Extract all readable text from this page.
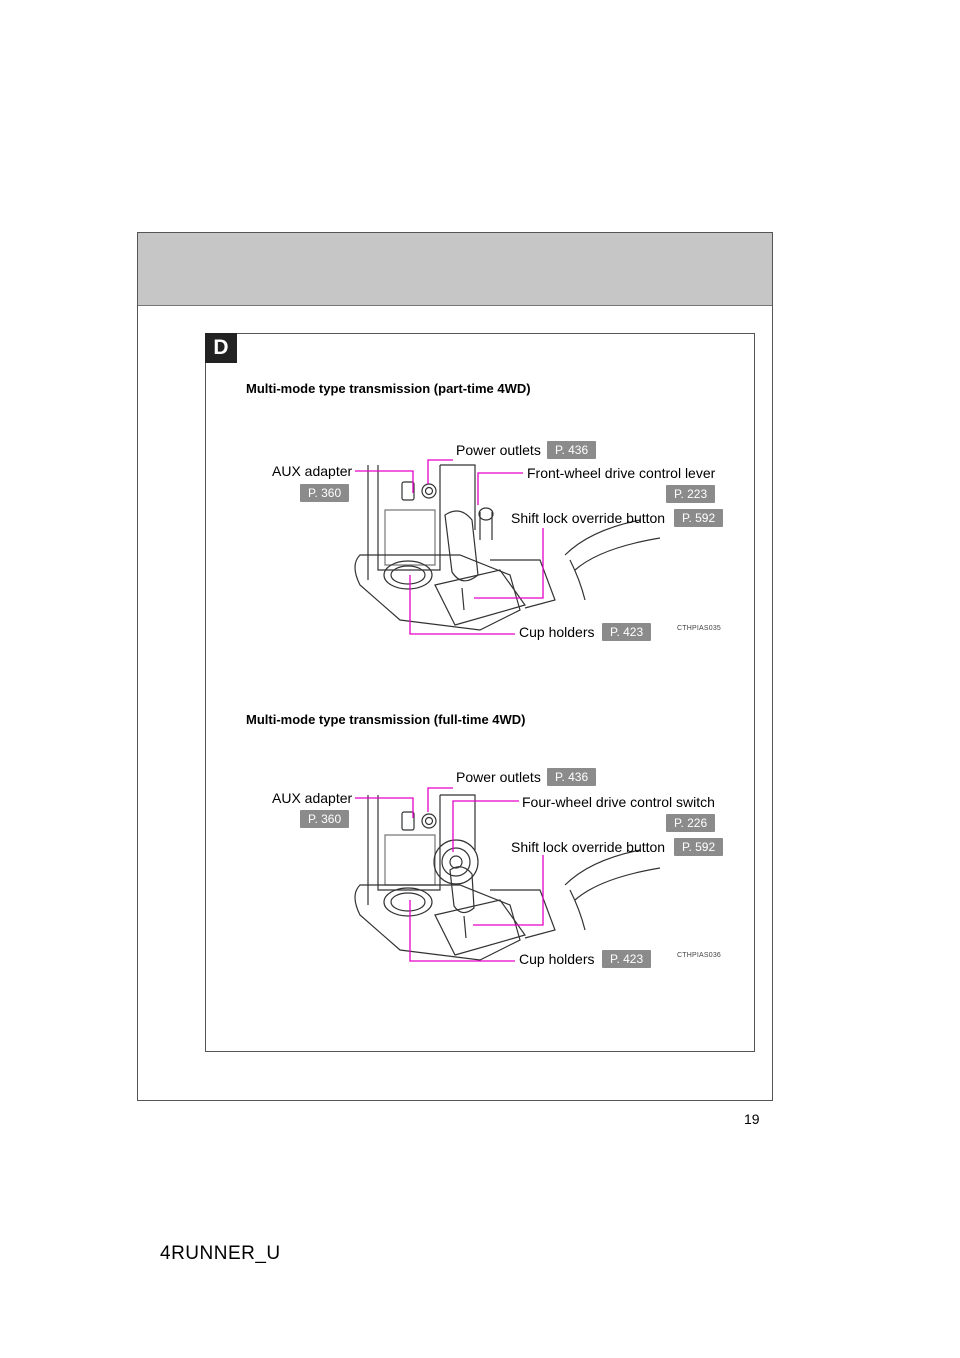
D
Multi-mode type transmission (part-time 4WD)
Power outlets	P. 436
AUX adapter
P. 360
Front-wheel drive control lever
P. 223
Shift lock override button	P. 592
Cup holders	P. 423	CTHPIAS035
Multi-mode type transmission (full-time 4WD)
Power outlets	P. 436
AUX adapter
P. 360
Four-wheel drive control switch
P. 226
Shift lock override button	P. 592
Cup holders	P. 423	CTHPIAS036
19
4RUNNER_U
